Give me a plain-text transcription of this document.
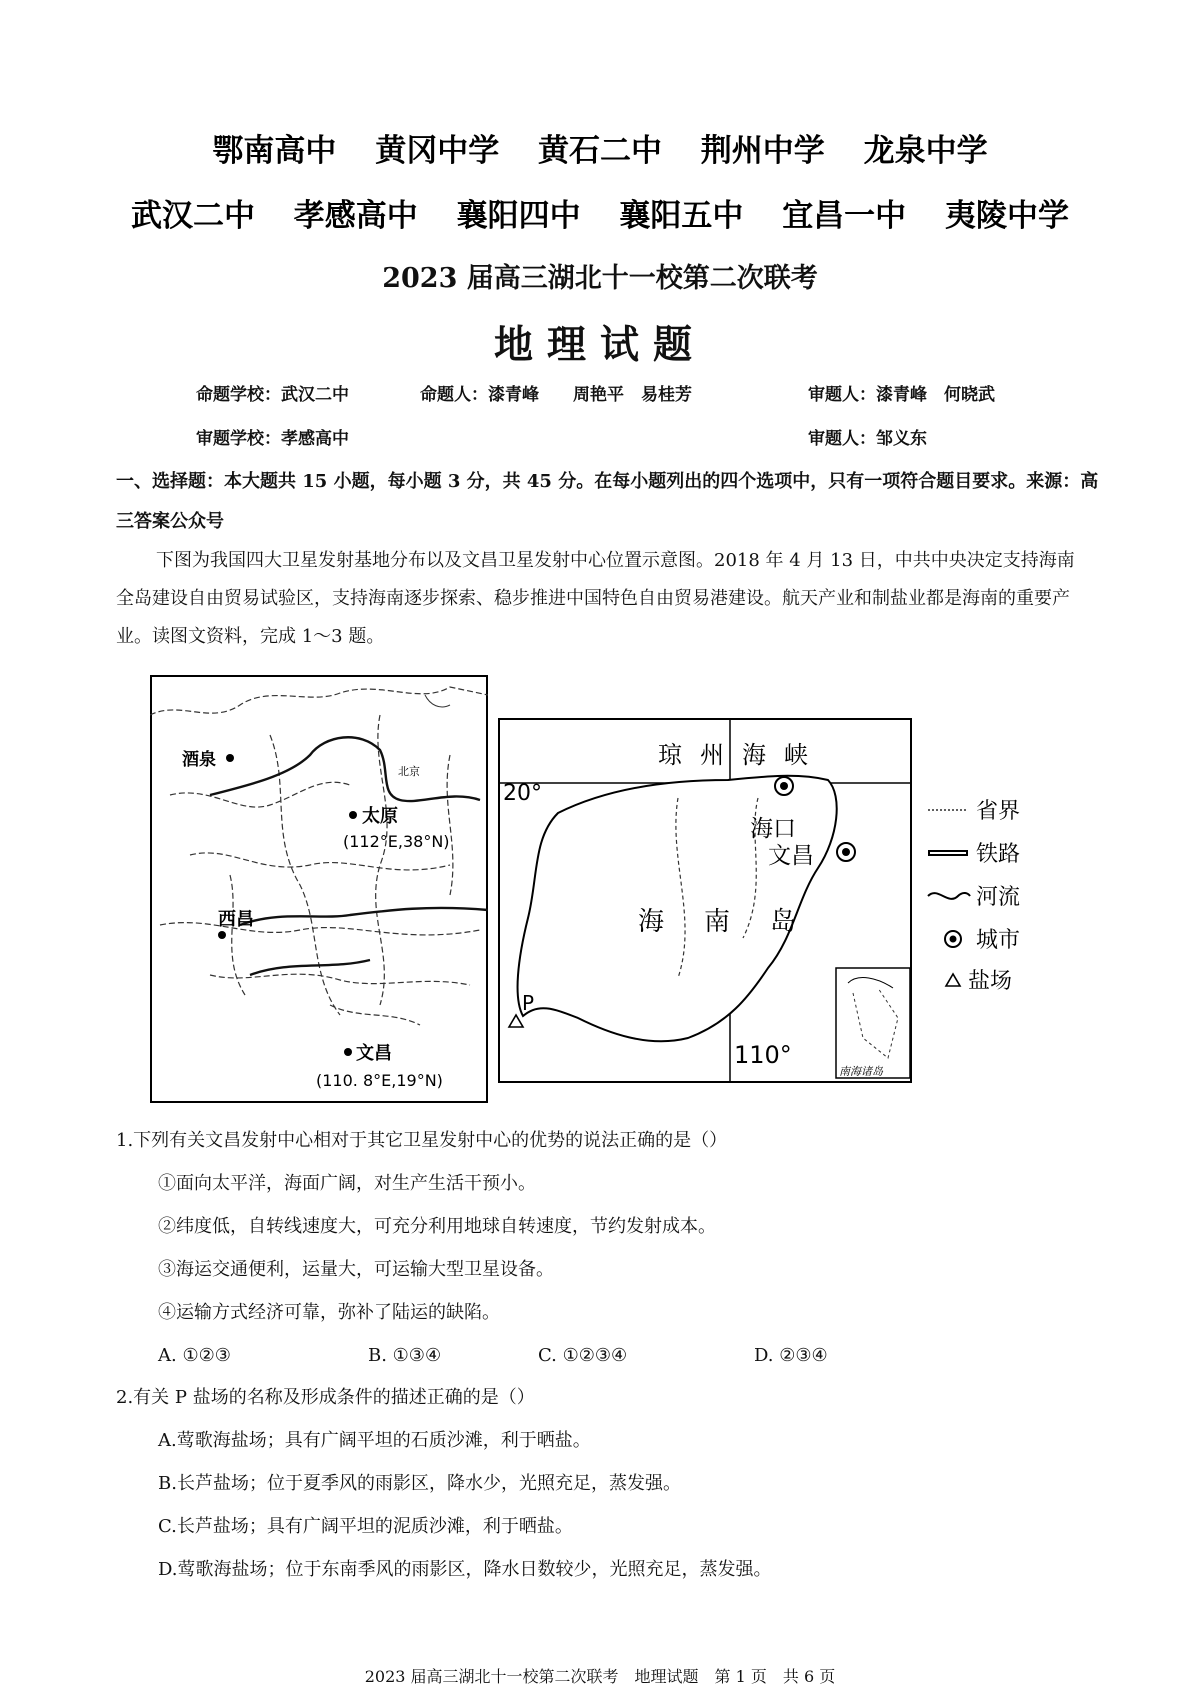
鄂南高中 黄冈中学 黄石二中 荆州中学 龙泉中学
武汉二中 孝感高中 襄阳四中 襄阳五中 宜昌一中 夷陵中学
2023 届高三湖北十一校第二次联考
地理试题
命题学校：武汉二中	命题人：漆青峰　　周艳平　易桂芳	审题人：漆青峰　何晓武
审题学校：孝感高中	审题人：邹义东
一、选择题：本大题共 15 小题，每小题 3 分，共 45 分。在每小题列出的四个选项中，只有一项符合题目要求。来源：高三答案公众号
下图为我国四大卫星发射基地分布以及文昌卫星发射中心位置示意图。2018 年 4 月 13 日，中共中央决定支持海南全岛建设自由贸易试验区，支持海南逐步探索、稳步推进中国特色自由贸易港建设。航天产业和制盐业都是海南的重要产业。读图文资料，完成 1～3 题。
酒泉
北京
太原
(112°E,38°N)
西昌
文昌
(110. 8°E,19°N)
琼州海峡
20°
海口
文昌
海南岛
P
110°
南海诸岛
省界
铁路
河流
城市
盐场
1.下列有关文昌发射中心相对于其它卫星发射中心的优势的说法正确的是（）
①面向太平洋，海面广阔，对生产生活干预小。
②纬度低，自转线速度大，可充分利用地球自转速度，节约发射成本。
③海运交通便利，运量大，可运输大型卫星设备。
④运输方式经济可靠，弥补了陆运的缺陷。
A. ①②③	B. ①③④	C. ①②③④	D. ②③④
2.有关 P 盐场的名称及形成条件的描述正确的是（）
A.莺歌海盐场；具有广阔平坦的石质沙滩，利于晒盐。
B.长芦盐场；位于夏季风的雨影区，降水少，光照充足，蒸发强。
C.长芦盐场；具有广阔平坦的泥质沙滩，利于晒盐。
D.莺歌海盐场；位于东南季风的雨影区，降水日数较少，光照充足，蒸发强。
2023 届高三湖北十一校第二次联考　地理试题　第 1 页　共 6 页
